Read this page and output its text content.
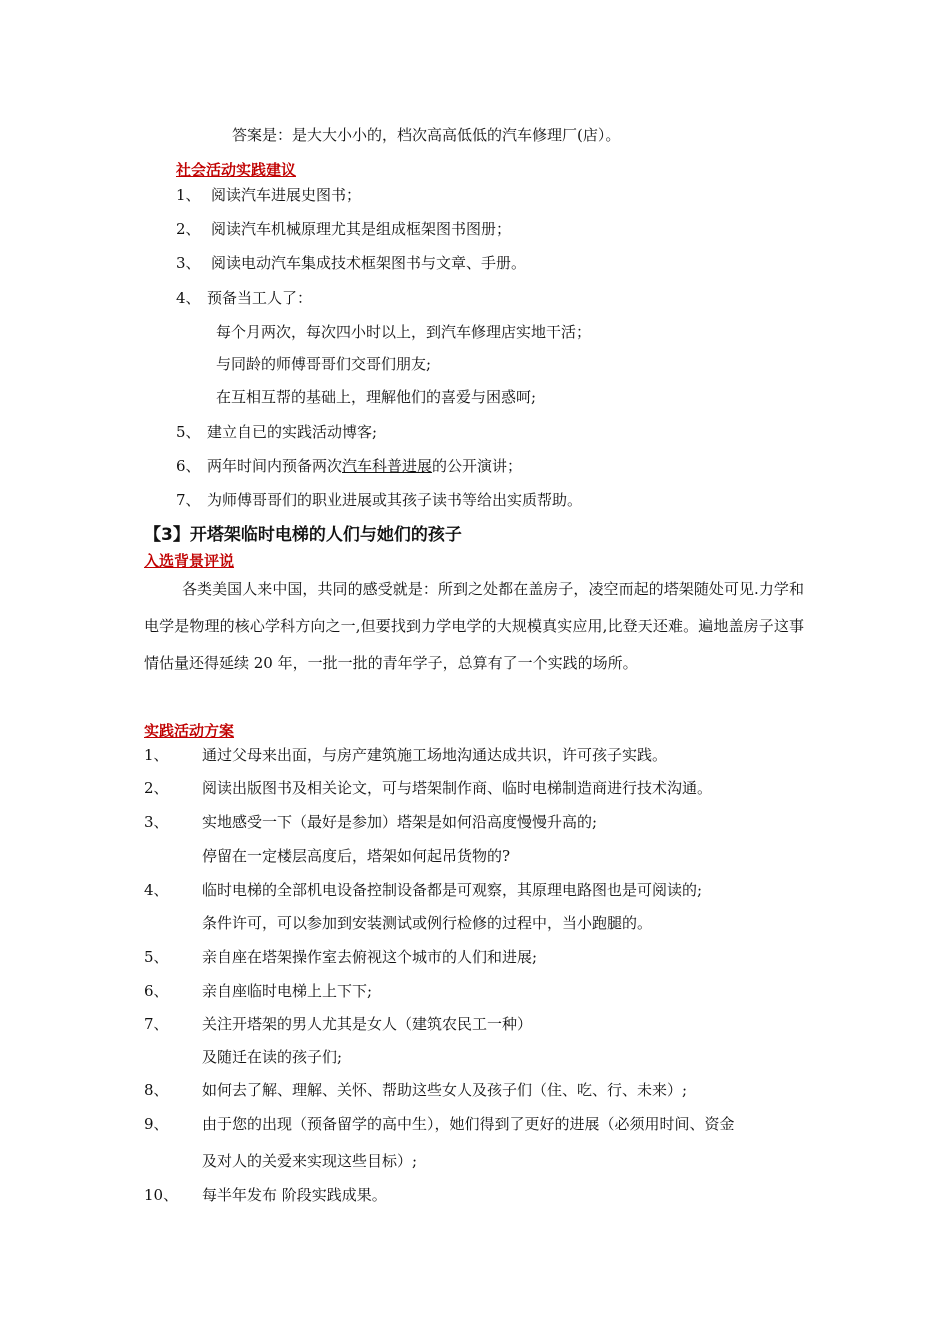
答案是：是大大小小的，档次高高低低的汽车修理厂(店）。
社会活动实践建议
1、 阅读汽车进展史图书；
2、 阅读汽车机械原理尤其是组成框架图书图册；
3、 阅读电动汽车集成技术框架图书与文章、手册。
4、 预备当工人了：
每个月两次，每次四小时以上，到汽车修理店实地干活；
与同龄的师傅哥哥们交哥们朋友;
在互相互帮的基础上，理解他们的喜爱与困惑呵;
5、 建立自已的实践活动博客;
6、 两年时间内预备两次汽车科普进展的公开演讲；
7、 为师傅哥哥们的职业进展或其孩子读书等给出实质帮助。
【3】开塔架临时电梯的人们与她们的孩子
入选背景评说
各类美国人来中国，共同的感受就是：所到之处都在盖房子，凌空而起的塔架随处可见.力学和电学是物理的核心学科方向之一,但要找到力学电学的大规模真实应用,比登天还难。遍地盖房子这事情估量还得延续 20 年，一批一批的青年学子，总算有了一个实践的场所。
实践活动方案
1、 通过父母来出面，与房产建筑施工场地沟通达成共识，许可孩子实践。
2、 阅读出版图书及相关论文，可与塔架制作商、临时电梯制造商进行技术沟通。
3、 实地感受一下（最好是参加）塔架是如何沿高度慢慢升高的;
停留在一定楼层高度后，塔架如何起吊货物的?
4、 临时电梯的全部机电设备控制设备都是可观察，其原理电路图也是可阅读的;
条件许可，可以参加到安装测试或例行检修的过程中，当小跑腿的。
5、 亲自座在塔架操作室去俯视这个城市的人们和进展;
6、 亲自座临时电梯上上下下;
7、 关注开塔架的男人尤其是女人（建筑农民工一种）
及随迁在读的孩子们;
8、 如何去了解、理解、关怀、帮助这些女人及孩子们（住、吃、行、未来）;
9、 由于您的出现（预备留学的高中生），她们得到了更好的进展（必须用时间、资金
及对人的关爱来实现这些目标）;
10、 每半年发布 阶段实践成果。
